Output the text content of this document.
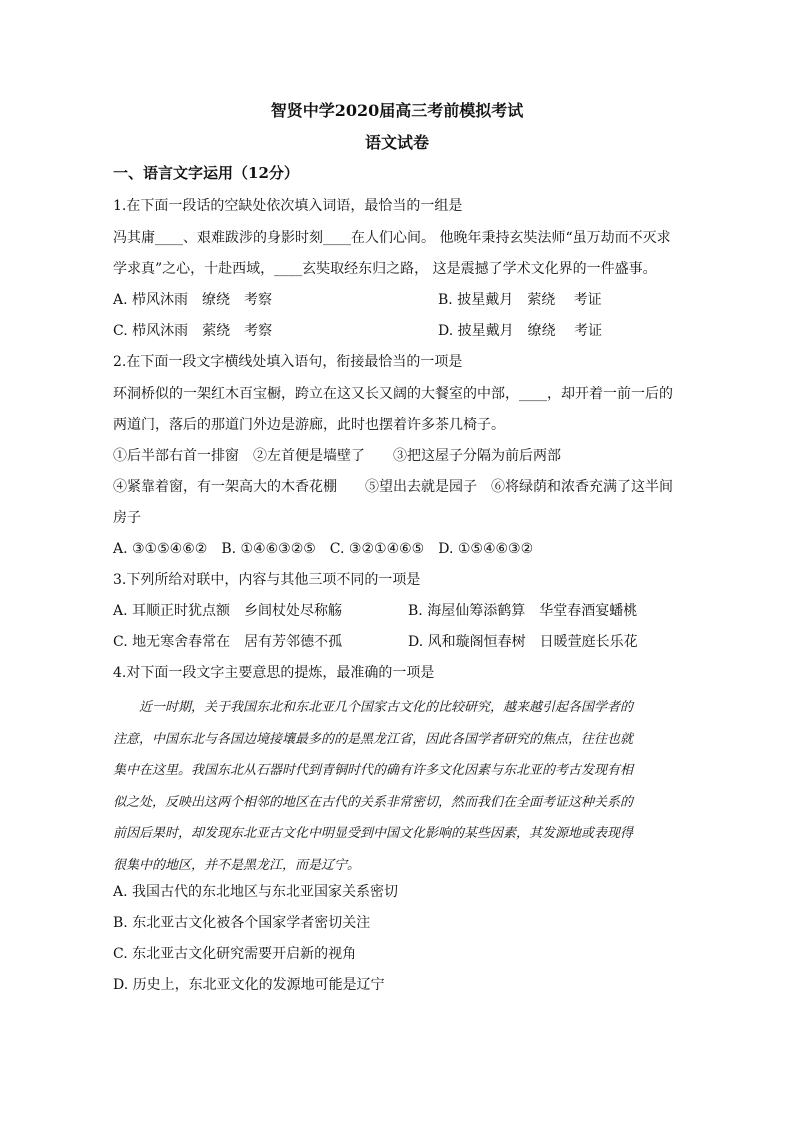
智贤中学2020届高三考前模拟考试
语文试卷
一、语言文字运用（12分）
1.在下面一段话的空缺处依次填入词语，最恰当的一组是
冯其庸____、艰难跋涉的身影时刻____在人们心间。 他晚年秉持玄奘法师“虽万劫而不灭求
学求真”之心，十赴西域，____玄奘取经东归之路， 这是震撼了学术文化界的一件盛事。
A. 栉风沐雨　缭绕　考察	B. 披星戴月　萦绕　 考证
C. 栉风沐雨　萦绕　考察	D. 披星戴月　缭绕　 考证
2.在下面一段文字横线处填入语句，衔接最恰当的一项是
环洞桥似的一架红木百宝橱，跨立在这又长又阔的大餐室的中部，____，却开着一前一后的
两道门，落后的那道门外边是游廊，此时也摆着许多茶几椅子。
①后半部右首一排窗　②左首便是墙壁了　　③把这屋子分隔为前后两部
④紧靠着窗，有一架高大的木香花棚　　⑤望出去就是园子　⑥将绿荫和浓香充满了这半间
房子
A. ③①⑤④⑥②　B. ①④⑥③②⑤　C. ③②①④⑥⑤　D. ①⑤④⑥③②
3.下列所给对联中，内容与其他三项不同的一项是
A. 耳顺正时犹点额　乡闾杖处尽称觞	B. 海屋仙筹添鹤算　华堂春酒宴蟠桃
C. 地无寒舍春常在　居有芳邻德不孤	D. 风和璇阁恒春树　日暖萱庭长乐花
4.对下面一段文字主要意思的提炼，最准确的一项是
　　近一时期，关于我国东北和东北亚几个国家古文化的比较研究，越来越引起各国学者的
注意，中国东北与各国边境接壤最多的的是黑龙江省，因此各国学者研究的焦点，往往也就
集中在这里。我国东北从石器时代到青铜时代的确有许多文化因素与东北亚的考古发现有相
似之处，反映出这两个相邻的地区在古代的关系非常密切，然而我们在全面考证这种关系的
前因后果时，却发现东北亚古文化中明显受到中国文化影响的某些因素，其发源地或表现得
很集中的地区，并不是黑龙江，而是辽宁。
A. 我国古代的东北地区与东北亚国家关系密切
B. 东北亚古文化被各个国家学者密切关注
C. 东北亚古文化研究需要开启新的视角
D. 历史上，东北亚文化的发源地可能是辽宁
